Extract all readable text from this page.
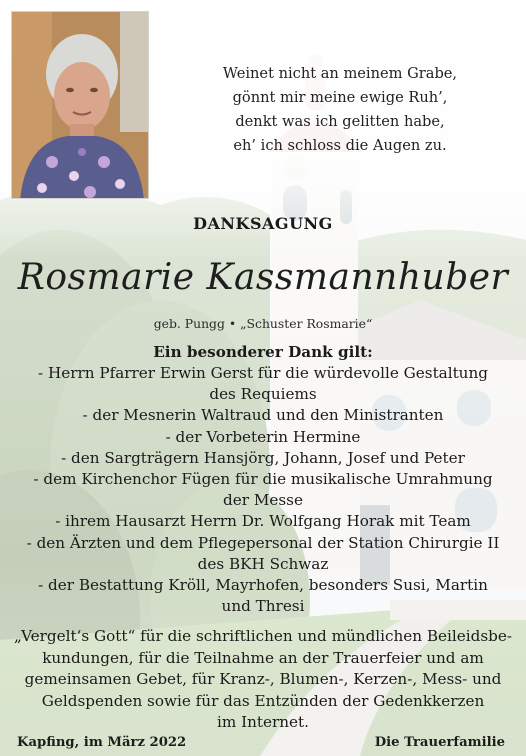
Weinet nicht an meinem Grabe,
gönnt mir meine ewige Ruh’,
denkt was ich gelitten habe,
eh’ ich schloss die Augen zu.
DANKSAGUNG
Rosmarie Kassmannhuber
geb. Pungg • „Schuster Rosmarie“
Ein besonderer Dank gilt:
- Herrn Pfarrer Erwin Gerst für die würdevolle Gestaltung
des Requiems
- der Mesnerin Waltraud und den Ministranten
- der Vorbeterin Hermine
- den Sargträgern Hansjörg, Johann, Josef und Peter
- dem Kirchenchor Fügen für die musikalische Umrahmung
der Messe
- ihrem Hausarzt Herrn Dr. Wolfgang Horak mit Team
- den Ärzten und dem Pflegepersonal der Station Chirurgie II
des BKH Schwaz
- der Bestattung Kröll, Mayrhofen, besonders Susi, Martin
und Thresi
„Vergelt‘s Gott“ für die schriftlichen und mündlichen Beileidsbe-
kundungen, für die Teilnahme an der Trauerfeier und am
gemeinsamen Gebet, für Kranz-, Blumen-, Kerzen-, Mess- und
Geldspenden sowie für das Entzünden der Gedenkkerzen
im Internet.
Kapfing, im März 2022	Die Trauerfamilie
